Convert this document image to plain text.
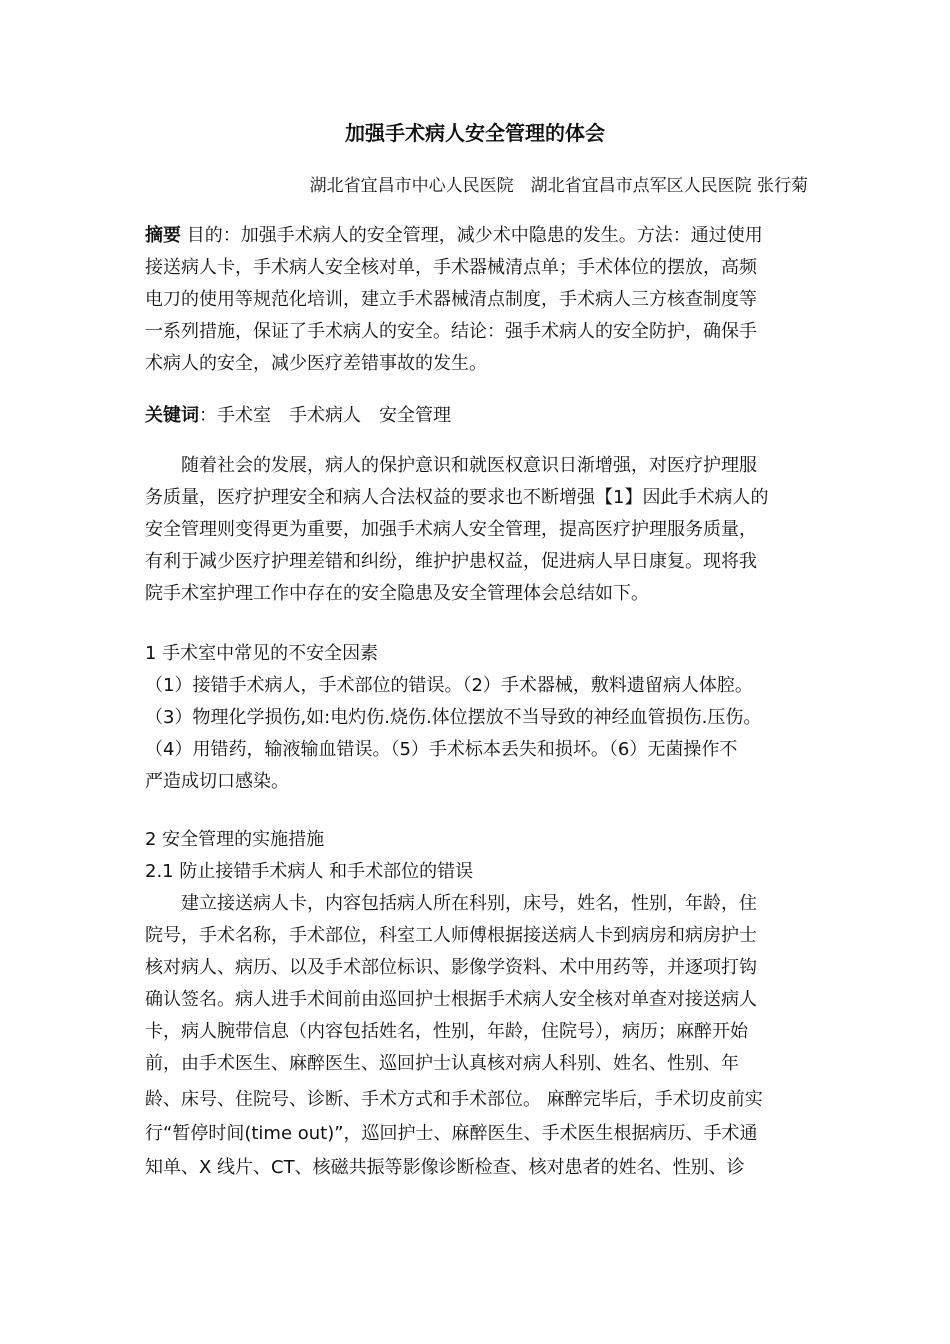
加强手术病人安全管理的体会
湖北省宜昌市中心人民医院　湖北省宜昌市点军区人民医院 张行菊
摘要 目的：加强手术病人的安全管理，减少术中隐患的发生。方法：通过使用
接送病人卡，手术病人安全核对单，手术器械清点单；手术体位的摆放，高频
电刀的使用等规范化培训，建立手术器械清点制度，手术病人三方核查制度等
一系列措施，保证了手术病人的安全。结论：强手术病人的安全防护，确保手
术病人的安全，减少医疗差错事故的发生。
关键词：手术室　手术病人　安全管理
　　随着社会的发展，病人的保护意识和就医权意识日渐增强，对医疗护理服
务质量，医疗护理安全和病人合法权益的要求也不断增强【1】因此手术病人的
安全管理则变得更为重要，加强手术病人安全管理，提高医疗护理服务质量，
有利于减少医疗护理差错和纠纷，维护护患权益，促进病人早日康复。现将我
院手术室护理工作中存在的安全隐患及安全管理体会总结如下。
1 手术室中常见的不安全因素
（1）接错手术病人，手术部位的错误。（2）手术器械，敷料遗留病人体腔。
（3）物理化学损伤,如:电灼伤.烧伤.体位摆放不当导致的神经血管损伤.压伤。
（4）用错药，输液输血错误。（5）手术标本丢失和损坏。（6）无菌操作不
严造成切口感染。
2 安全管理的实施措施
2.1 防止接错手术病人 和手术部位的错误
　　建立接送病人卡，内容包括病人所在科别，床号，姓名，性别，年龄，住
院号，手术名称，手术部位，科室工人师傅根据接送病人卡到病房和病房护士
核对病人、病历、以及手术部位标识、影像学资料、术中用药等，并逐项打钩
确认签名。病人进手术间前由巡回护士根据手术病人安全核对单查对接送病人
卡，病人腕带信息（内容包括姓名，性别，年龄，住院号），病历；麻醉开始
前，由手术医生、麻醉医生、巡回护士认真核对病人科别、姓名、性别、年
龄、床号、住院号、诊断、手术方式和手术部位。 麻醉完毕后，手术切皮前实
行“暂停时间(time out)”，巡回护士、麻醉医生、手术医生根据病历、手术通
知单、X 线片、CT、核磁共振等影像诊断检查、核对患者的姓名、性别、诊
